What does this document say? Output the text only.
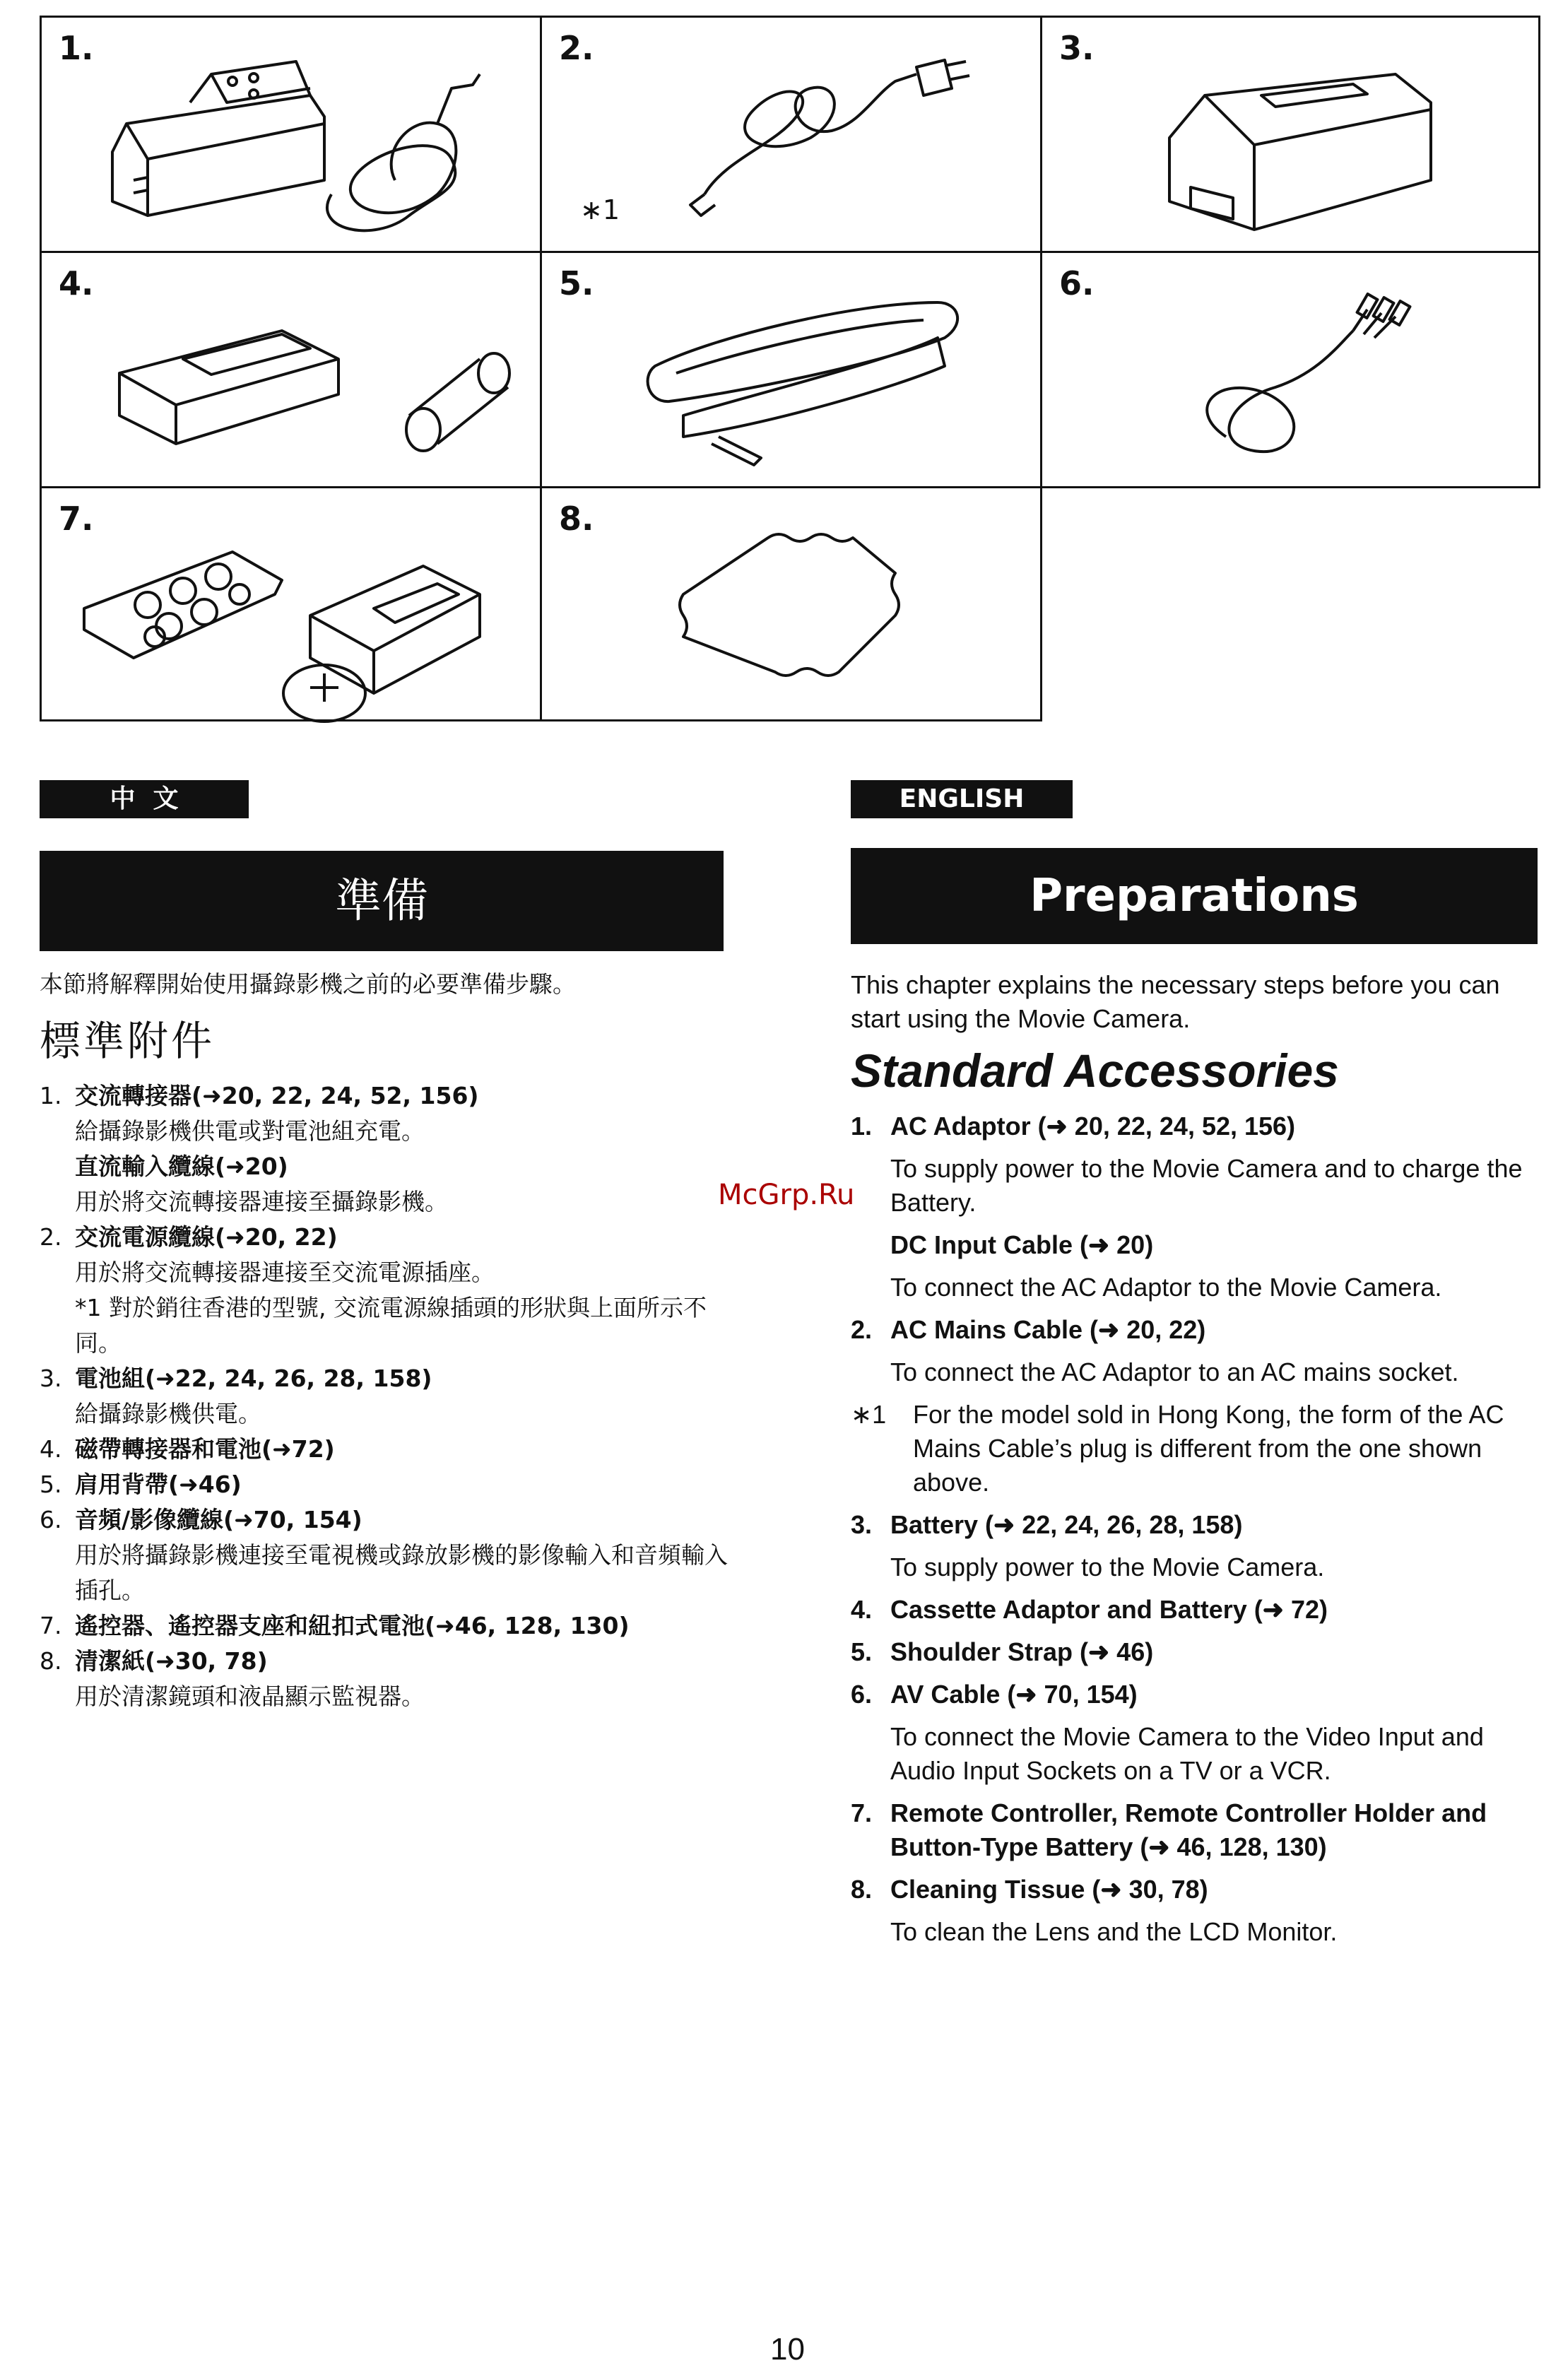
1.	2.
∗1
3.
4.	5.	6.
7.	8.
中  文	ENGLISH
準備	Preparations

本節將解釋開始使用攝錄影機之前的必要準備步驟。

標準附件
1. 交流轉接器(➜20, 22, 24, 52, 156)
給攝錄影機供電或對電池組充電。
直流輸入纜線(➜20)
用於將交流轉接器連接至攝錄影機。
2. 交流電源纜線(➜20, 22)
用於將交流轉接器連接至交流電源插座。
*1 對於銷往香港的型號, 交流電源線插頭的形狀與上面所示不同。
3. 電池組(➜22, 24, 26, 28, 158)
給攝錄影機供電。
4. 磁帶轉接器和電池(➜72)
5. 肩用背帶(➜46)
6. 音頻/影像纜線(➜70, 154)
用於將攝錄影機連接至電視機或錄放影機的影像輸入和音頻輸入插孔。
7. 遙控器、遙控器支座和紐扣式電池(➜46, 128, 130)
8. 清潔紙(➜30, 78)
用於清潔鏡頭和液晶顯示監視器。

This chapter explains the necessary steps before you can start using the Movie Camera.

Standard Accessories
1. AC Adaptor (➜ 20, 22, 24, 52, 156)
To supply power to the Movie Camera and to charge the Battery.
DC Input Cable (➜ 20)
To connect the AC Adaptor to the Movie Camera.
2. AC Mains Cable (➜ 20, 22)
To connect the AC Adaptor to an AC mains socket.
∗1 For the model sold in Hong Kong, the form of the AC Mains Cable’s plug is different from the one shown above.
3. Battery (➜ 22, 24, 26, 28, 158)
To supply power to the Movie Camera.
4. Cassette Adaptor and Battery (➜ 72)
5. Shoulder Strap (➜ 46)
6. AV Cable (➜ 70, 154)
To connect the Movie Camera to the Video Input and Audio Input Sockets on a TV or a VCR.
7. Remote Controller, Remote Controller Holder and Button-Type Battery (➜ 46, 128, 130)
8. Cleaning Tissue (➜ 30, 78)
To clean the Lens and the LCD Monitor.
McGrp.Ru
10
